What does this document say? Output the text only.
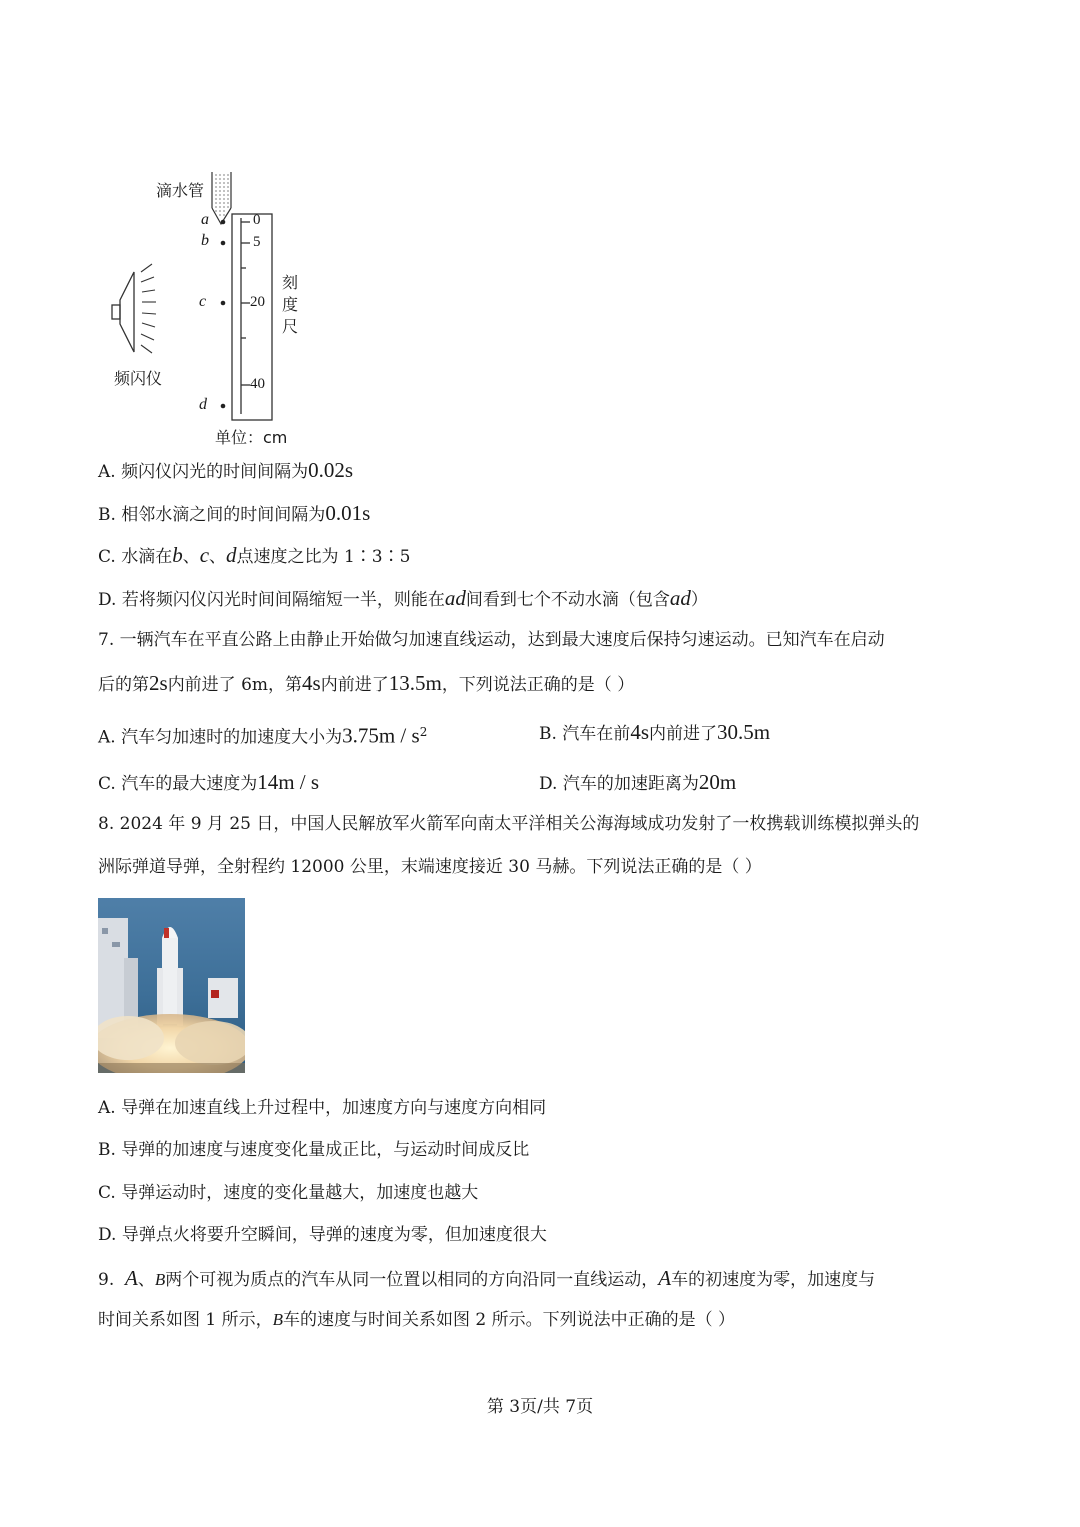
滴水管
a
b
c
d
0
5
20
40
刻
度
尺
频闪仪
单位：cm
A. 频闪仪闪光的时间间隔为0.02s
B. 相邻水滴之间的时间间隔为0.01s
C. 水滴在b、c、d点速度之比为 1∶3∶5
D. 若将频闪仪闪光时间间隔缩短一半，则能在ad间看到七个不动水滴（包含ad）
7. 一辆汽车在平直公路上由静止开始做匀加速直线运动，达到最大速度后保持匀速运动。已知汽车在启动
后的第2s内前进了 6m，第4s内前进了13.5m，下列说法正确的是（ ）
A. 汽车匀加速时的加速度大小为$3.75m / s^2$	B. 汽车在前4s内前进了30.5m
C. 汽车的最大速度为14m / s	D. 汽车的加速距离为20m
8. 2024 年 9 月 25 日，中国人民解放军火箭军向南太平洋相关公海海域成功发射了一枚携载训练模拟弹头的
洲际弹道导弹，全射程约 12000 公里，末端速度接近 30 马赫。下列说法正确的是（ ）
A. 导弹在加速直线上升过程中，加速度方向与速度方向相同
B. 导弹的加速度与速度变化量成正比，与运动时间成反比
C. 导弹运动时，速度的变化量越大，加速度也越大
D. 导弹点火将要升空瞬间，导弹的速度为零，但加速度很大
9. A、B两个可视为质点的汽车从同一位置以相同的方向沿同一直线运动，A车的初速度为零，加速度与
时间关系如图 1 所示，B车的速度与时间关系如图 2 所示。下列说法中正确的是（ ）
第 3页/共 7页
